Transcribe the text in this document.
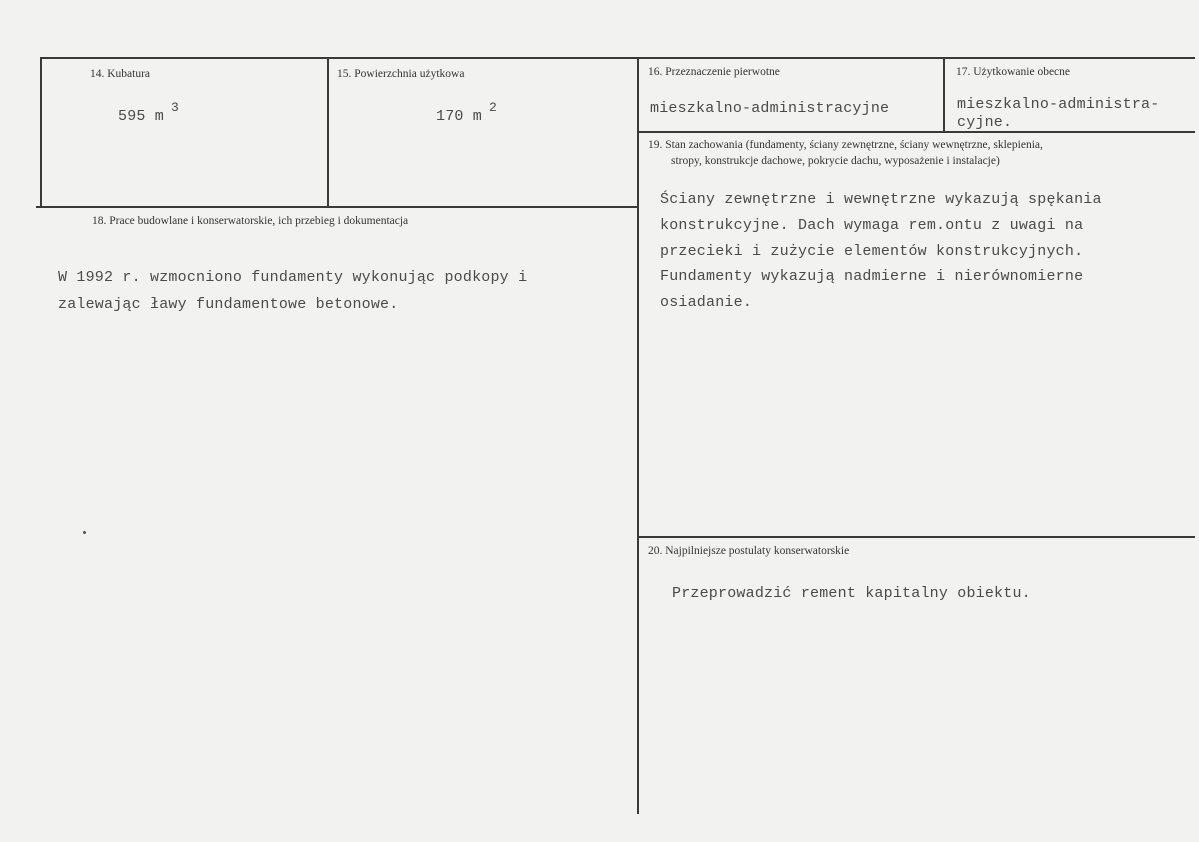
14. Kubatura
595 m
3
15. Powierzchnia użytkowa
170 m
2
16. Przeznaczenie pierwotne
mieszkalno-administracyjne
17. Użytkowanie obecne
mieszkalno-administra-
cyjne.
18. Prace budowlane i konserwatorskie, ich przebieg i dokumentacja
W 1992 r. wzmocniono fundamenty wykonując podkopy i
zalewając ławy fundamentowe betonowe.
19. Stan zachowania (fundamenty, ściany zewnętrzne, ściany wewnętrzne, sklepienia,
stropy, konstrukcje dachowe, pokrycie dachu, wyposażenie i instalacje)
Ściany zewnętrzne i wewnętrzne wykazują spękania
konstrukcyjne. Dach wymaga rem.ontu z uwagi na
przecieki i zużycie elementów konstrukcyjnych.
Fundamenty wykazują nadmierne i nierównomierne
osiadanie.
20. Najpilniejsze postulaty konserwatorskie
Przeprowadzić rement kapitalny obiektu.
